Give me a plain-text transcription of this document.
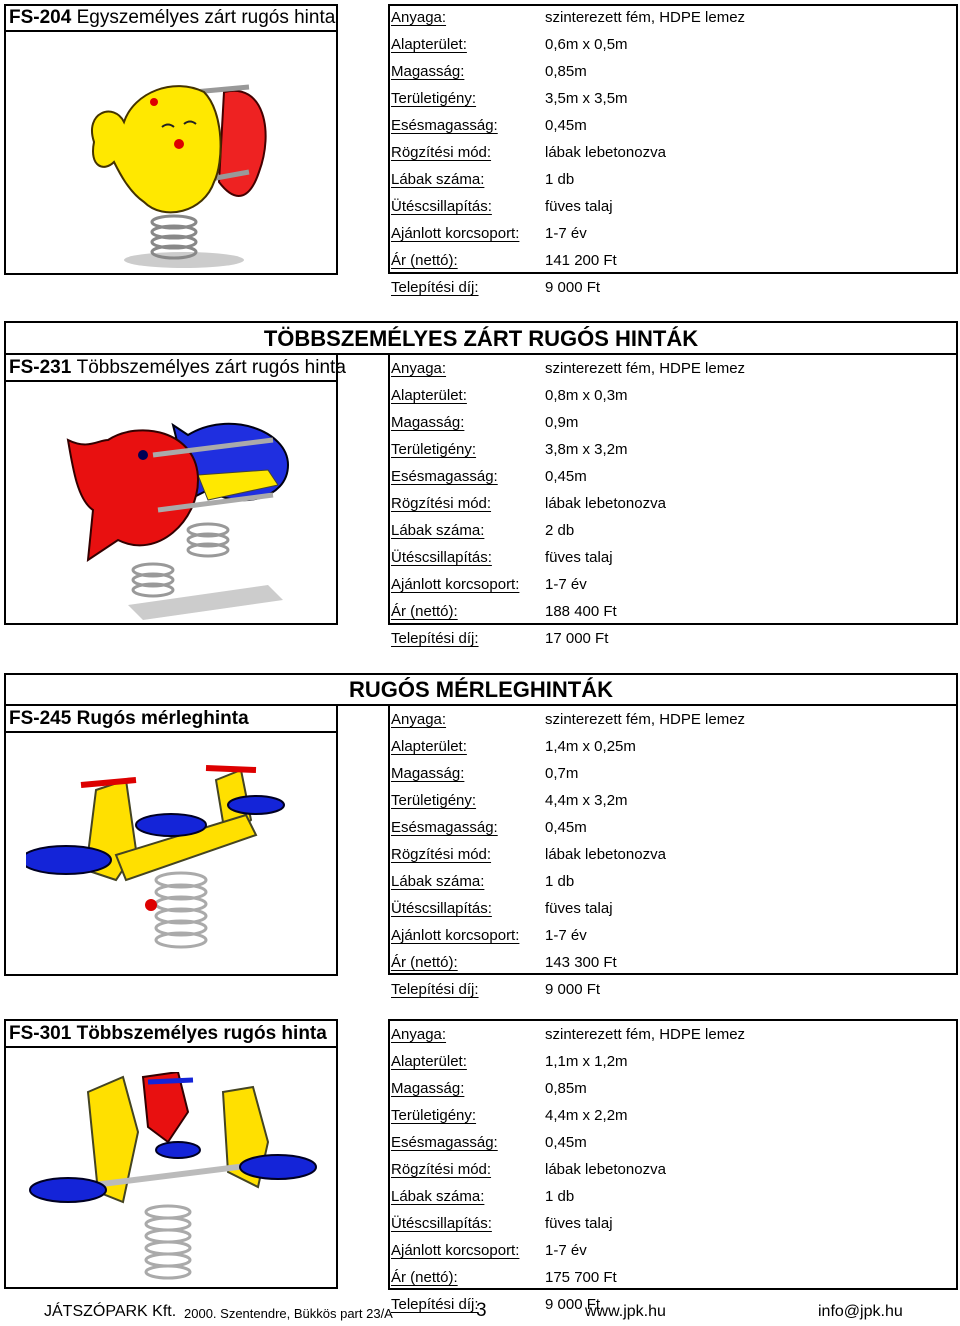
FS-204 Egyszemélyes zárt rugós hinta	Anyaga:	szinterezett fém, HDPE lemez
Alapterület:	0,6m x 0,5m
Magasság:	0,85m
Területigény:	3,5m x 3,5m
Esésmagasság:	0,45m
Rögzítési mód:	lábak lebetonozva
Lábak száma:	1 db
Ütéscsillapítás:	füves talaj
Ajánlott korcsoport: 1-7 év
Ár (nettó):	141 200 Ft
Telepítési díj:	9 000 Ft
TÖBBSZEMÉLYES ZÁRT RUGÓS HINTÁK
FS-231 Többszemélyes zárt rugós hinta	Anyaga:	szinterezett fém, HDPE lemez
Alapterület:	0,8m x 0,3m
Magasság:	0,9m
Területigény:	3,8m x 3,2m
Esésmagasság:	0,45m
Rögzítési mód:	lábak lebetonozva
Lábak száma:	2 db
Ütéscsillapítás:	füves talaj
Ajánlott korcsoport: 1-7 év
Ár (nettó):	188 400 Ft
Telepítési díj:	17 000 Ft
RUGÓS MÉRLEGHINTÁK
FS-245 Rugós mérleghinta	Anyaga:	szinterezett fém, HDPE lemez
Alapterület:	1,4m x 0,25m
Magasság:	0,7m
Területigény:	4,4m x 3,2m
Esésmagasság:	0,45m
Rögzítési mód:	lábak lebetonozva
Lábak száma:	1 db
Ütéscsillapítás:	füves talaj
Ajánlott korcsoport: 1-7 év
Ár (nettó):	143 300 Ft
Telepítési díj:	9 000 Ft
FS-301 Többszemélyes rugós hinta	Anyaga:	szinterezett fém, HDPE lemez
Alapterület:	1,1m x 1,2m
Magasság:	0,85m
Területigény:	4,4m x 2,2m
Esésmagasság:	0,45m
Rögzítési mód:	lábak lebetonozva
Lábak száma:	1 db
Ütéscsillapítás:	füves talaj
Ajánlott korcsoport: 1-7 év
Ár (nettó):	175 700 Ft
Telepítési díj:	9 000 Ft
JÁTSZÓPARK Kft. 2000. Szentendre, Bükkös part 23/A	3	www.jpk.hu	info@jpk.hu
